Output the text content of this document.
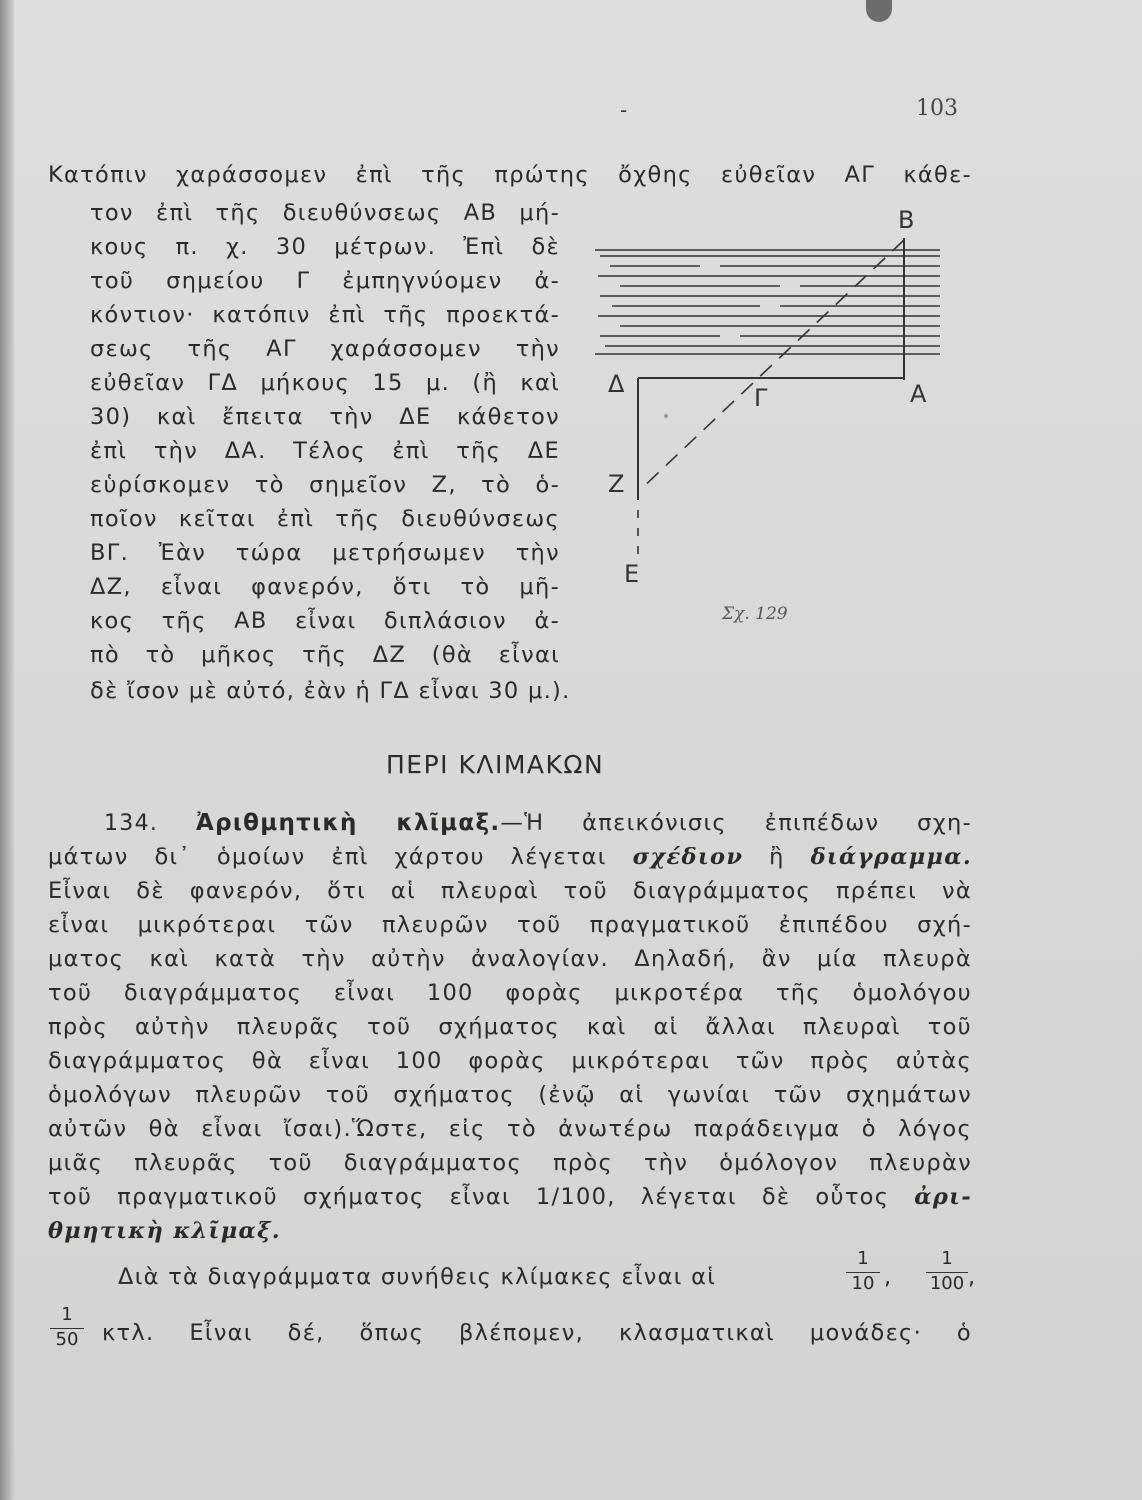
-	103
Κατόπιν χαράσσομεν ἐπὶ τῆς πρώτης ὄχθης εὐθεῖαν ΑΓ κάθε-
τον ἐπὶ τῆς διευθύνσεως ΑΒ μή-
κους π. χ. 30 μέτρων. Ἐπὶ δὲ
τοῦ σημείου Γ ἐμπηγνύομεν ἀ-
κόντιον· κατόπιν ἐπὶ τῆς προεκτά-
σεως τῆς ΑΓ χαράσσομεν τὴν
εὐθεῖαν ΓΔ μήκους 15 μ. (ἢ καὶ
30) καὶ ἔπειτα τὴν ΔΕ κάθετον
ἐπὶ τὴν ΔΑ. Τέλος ἐπὶ τῆς ΔΕ
εὑρίσκομεν τὸ σημεῖον Ζ, τὸ ὁ-
ποῖον κεῖται ἐπὶ τῆς διευθύνσεως
ΒΓ. Ἐὰν τώρα μετρήσωμεν τὴν
ΔΖ, εἶναι φανερόν, ὅτι τὸ μῆ-
κος τῆς ΑΒ εἶναι διπλάσιον ἀ-
πὸ τὸ μῆκος τῆς ΔΖ (θὰ εἶναι
δὲ ἴσον μὲ αὐτό, ἐὰν ἡ ΓΔ εἶναι 30 μ.).
Β
Α
Δ	Γ
Ζ
Ε
Σχ. 129
ΠΕΡΙ ΚΛΙΜΑΚΩΝ
134. Ἀριθμητικὴ κλῖμαξ.—Ἡ ἀπεικόνισις ἐπιπέδων σχη-
μάτων δι᾿ ὁμοίων ἐπὶ χάρτου λέγεται σχέδιον ἢ διάγραμμα.
Εἶναι δὲ φανερόν, ὅτι αἱ πλευραὶ τοῦ διαγράμματος πρέπει νὰ
εἶναι μικρότεραι τῶν πλευρῶν τοῦ πραγματικοῦ ἐπιπέδου σχή-
ματος καὶ κατὰ τὴν αὐτὴν ἀναλογίαν. Δηλαδή, ἂν μία πλευρὰ
τοῦ διαγράμματος εἶναι 100 φορὰς μικροτέρα τῆς ὁμολόγου
πρὸς αὐτὴν πλευρᾶς τοῦ σχήματος καὶ αἱ ἄλλαι πλευραὶ τοῦ
διαγράμματος θὰ εἶναι 100 φορὰς μικρότεραι τῶν πρὸς αὐτὰς
ὁμολόγων πλευρῶν τοῦ σχήματος (ἐνῷ αἱ γωνίαι τῶν σχημάτων
αὐτῶν θὰ εἶναι ἴσαι).Ὥστε, εἰς τὸ ἀνωτέρω παράδειγμα ὁ λόγος
μιᾶς πλευρᾶς τοῦ διαγράμματος πρὸς τὴν ὁμόλογον πλευρὰν
τοῦ πραγματικοῦ σχήματος εἶναι 1/100, λέγεται δὲ οὗτος ἀρι-
θμητικὴ κλῖμαξ.
Διὰ τὰ διαγράμματα συνήθεις κλίμακες εἶναι αἱ	$\frac{1}{10}$ , $\frac{1}{100}$ ,
$\frac{1}{50} \kappa\tau\lambda$. Εἶναι δέ, ὅπως βλέπομεν, κλασματικαὶ μονάδες· ὁ
